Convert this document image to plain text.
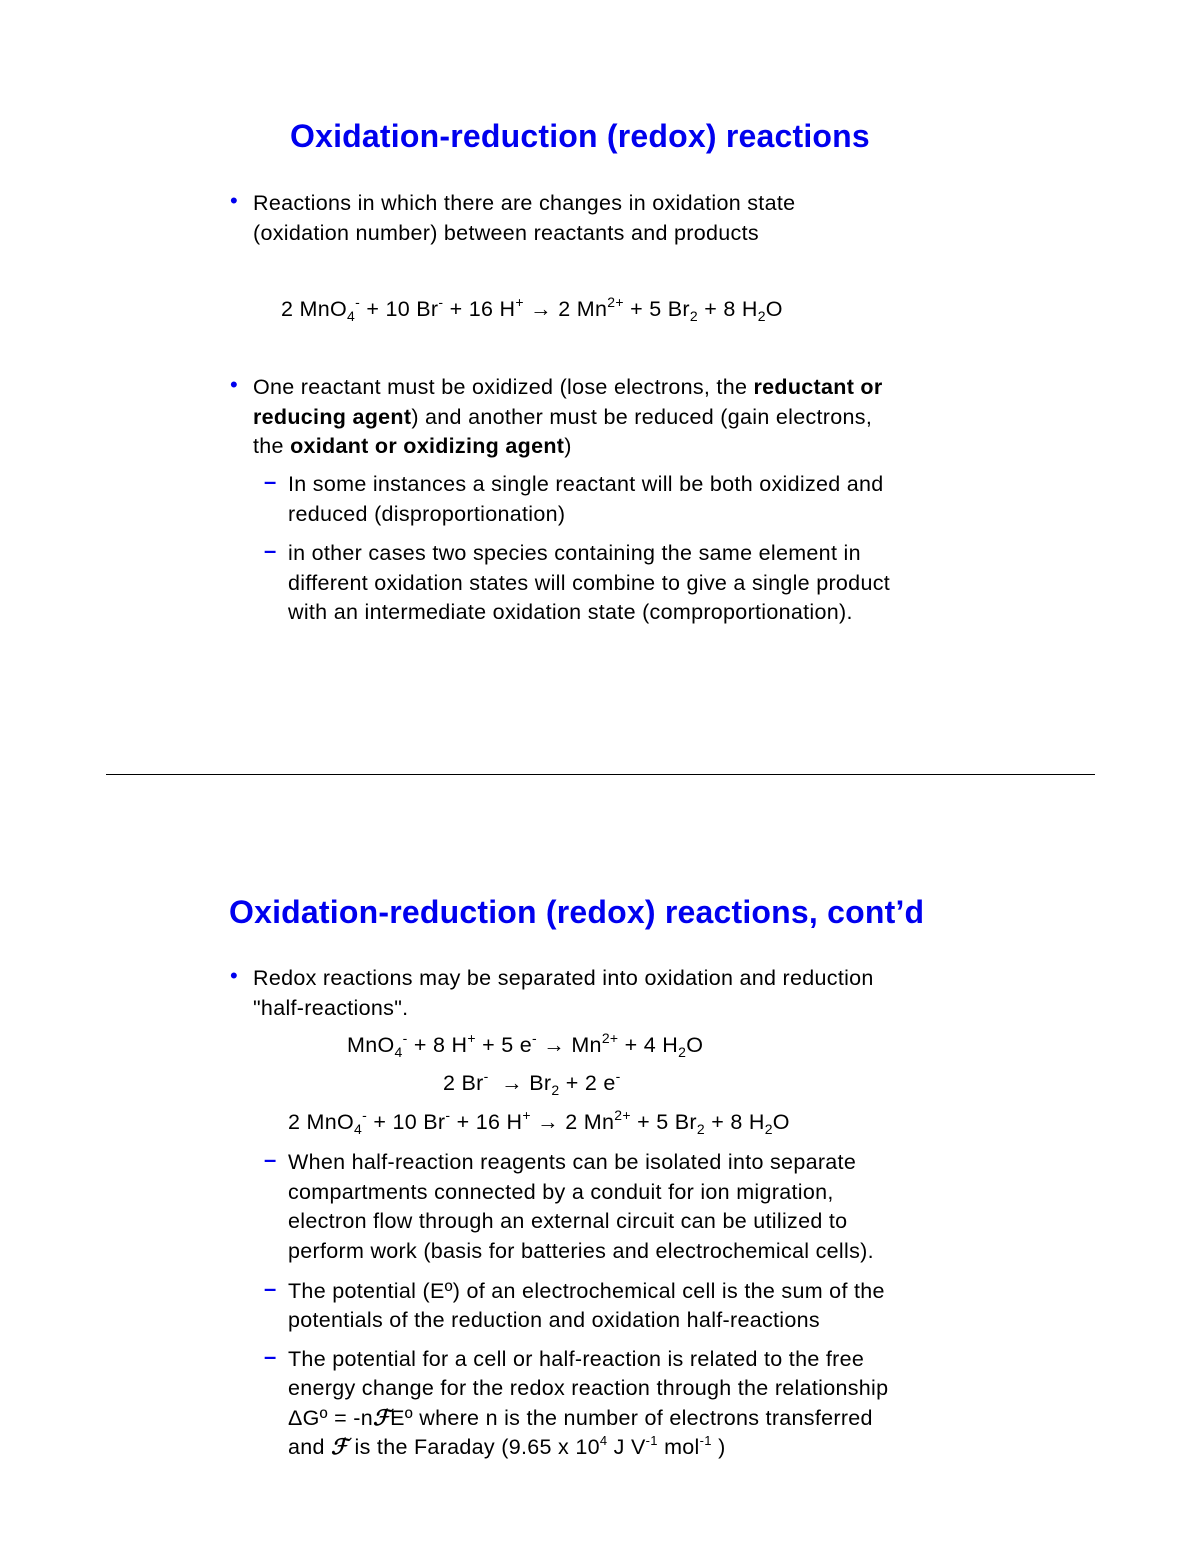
Oxidation-reduction (redox) reactions
• Reactions in which there are changes in oxidation state
(oxidation number) between reactants and products
2 MnO$_4$- + 10 Br- + 16 H+ → 2 $Mn^{2+} + 5$ $Br_2 + 8$ $H_2O$
• One reactant must be oxidized (lose electrons, the reductant or
reducing agent) and another must be reduced (gain electrons,
the oxidant or oxidizing agent)
– In some instances a single reactant will be both oxidized and
reduced (disproportionation)
– in other cases two species containing the same element in
different oxidation states will combine to give a single product
with an intermediate oxidation state (comproportionation).
Oxidation-reduction (redox) reactions, cont’d
• Redox reactions may be separated into oxidation and reduction
"half-reactions".
MnO$_4$- + 8 H+ + 5 $e^- \to Mn^{2+} + 4$ $H_2O$
2 $Br^- \to Br_2 + 2$ e-
2 MnO$_4$- + 10 Br- + 16 H+ → 2 $Mn^{2+} + 5$ $Br_2 + 8$ $H_2O$
– When half-reaction reagents can be isolated into separate
compartments connected by a conduit for ion migration,
electron flow through an external circuit can be utilized to
perform work (basis for batteries and electrochemical cells).
– The potential (Eº) of an electrochemical cell is the sum of the
potentials of the reduction and oxidation half-reactions
– The potential for a cell or half-reaction is related to the free
energy change for the redox reaction through the relationship
ΔGº = -nℱEº where n is the number of electrons transferred
and ℱ is the Faraday (9.65 x $10^4$ J $V^{-1}$ mol$^{-1}$ )
